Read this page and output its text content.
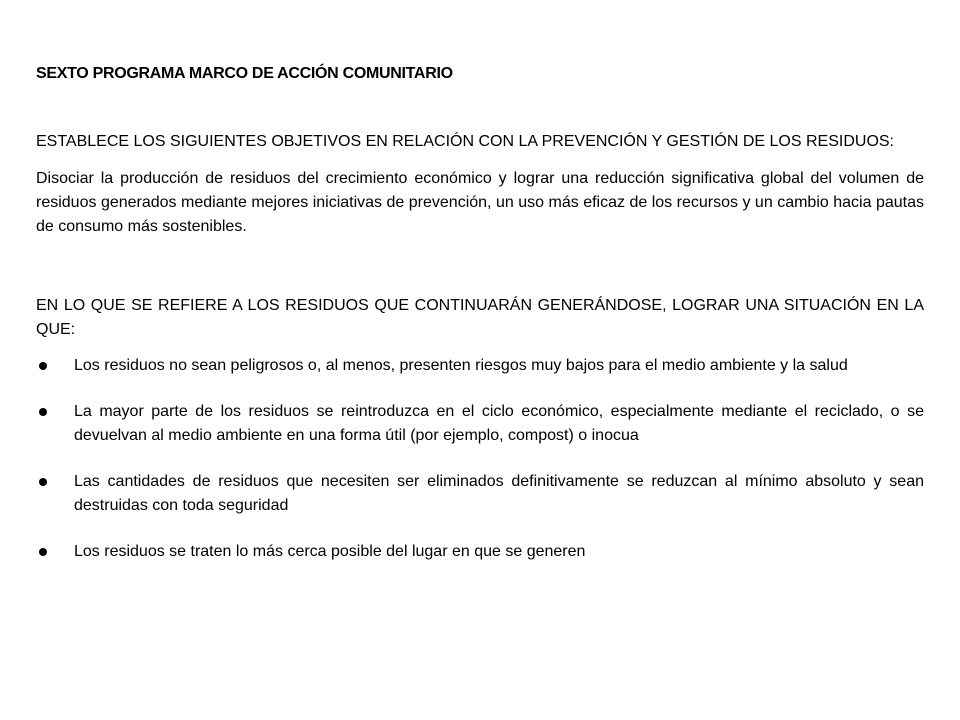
SEXTO PROGRAMA MARCO DE ACCIÓN COMUNITARIO

ESTABLECE LOS SIGUIENTES OBJETIVOS EN RELACIÓN CON LA PREVENCIÓN Y GESTIÓN DE LOS RESIDUOS:

Disociar la producción de residuos del crecimiento económico y lograr una reducción significativa global del volumen de residuos generados mediante mejores iniciativas de prevención, un uso más eficaz de los recursos y un cambio hacia pautas de consumo más sostenibles.

EN LO QUE SE REFIERE A LOS RESIDUOS QUE CONTINUARÁN GENERÁNDOSE, LOGRAR UNA SITUACIÓN EN LA QUE:

Los residuos no sean peligrosos o, al menos, presenten riesgos muy bajos para el medio ambiente y la salud
La mayor parte de los residuos se reintroduzca en el ciclo económico, especialmente mediante el reciclado, o se devuelvan al medio ambiente en una forma útil (por ejemplo, compost) o inocua
Las cantidades de residuos que necesiten ser eliminados definitivamente se reduzcan al mínimo absoluto y sean destruidas con toda seguridad
Los residuos se traten lo más cerca posible del lugar en que se generen
